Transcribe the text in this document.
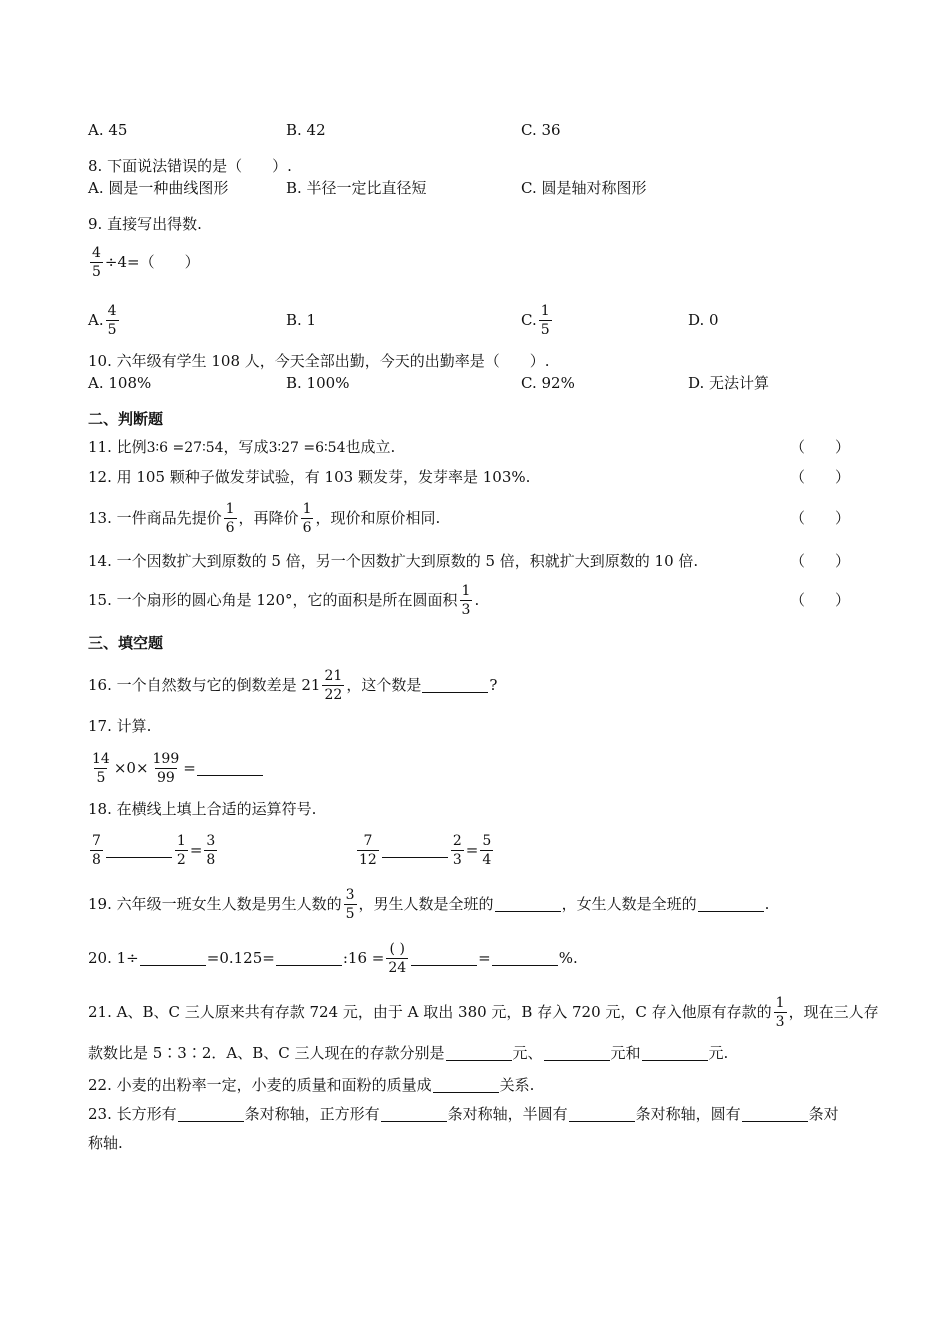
A. 45	B. 42	C. 36
8. 下面说法错误的是（　　）.
A. 圆是一种曲线图形	B. 半径一定比直径短	C. 圆是轴对称图形
9. 直接写出得数.
$\frac{4}{5} \div 4=$（　　）
A. $\frac{4}{5}$	B. 1	C. $\frac{1}{5}$	D. 0
10. 六年级有学生 108 人，今天全部出勤，今天的出勤率是（　　）.
A. 108%	B. 100%	C. 92%	D. 无法计算
二、判断题
11. 比例 3∶6 =27∶54 ，写成 3∶27 =6∶54 也成立.	（　　）
12. 用 105 颗种子做发芽试验，有 103 颗发芽，发芽率是 103%.	（　　）
13. 一件商品先提价 $\frac{1}{6}$ ，再降价 $\frac{1}{6}$ ，现价和原价相同.	（　　）
14. 一个因数扩大到原数的 5 倍，另一个因数扩大到原数的 5 倍，积就扩大到原数的 10 倍.	（　　）
15. 一个扇形的圆心角是 120°，它的面积是所在圆面积 $\frac{1}{3}$ .	（　　）
三、填空题
16. 一个自然数与它的倒数差是 $21 \frac{21}{22}$ ，这个数是	?
17. 计算.
$\frac{14}{5} \times 0\times \frac{199}{99}$ =
18. 在横线上填上合适的运算符号.
$\frac{7}{8}$	$\frac{1}{2} = \frac{3}{8}$	$\frac{7}{12}$	$\frac{2}{3} = \frac{5}{4}$
19. 六年级一班女生人数是男生人数的 $\frac{3}{5}$ ，男生人数是全班的	，女生人数是全班的	.
20. 1÷	=0.125=	:16 = $\frac{( )}{24}$	=	%.
21. A、B、C 三人原来共有存款 724 元，由于 A 取出 380 元，B 存入 720 元，C 存入他原有存款的 $\frac{1}{3}$ ，现在三人存
款数比是 5∶3∶2．A、B、C 三人现在的存款分别是	元、	元和	元.
22. 小麦的出粉率一定，小麦的质量和面粉的质量成	关系.
23. 长方形有	条对称轴，正方形有	条对称轴，半圆有	条对称轴，圆有	条对
称轴.
